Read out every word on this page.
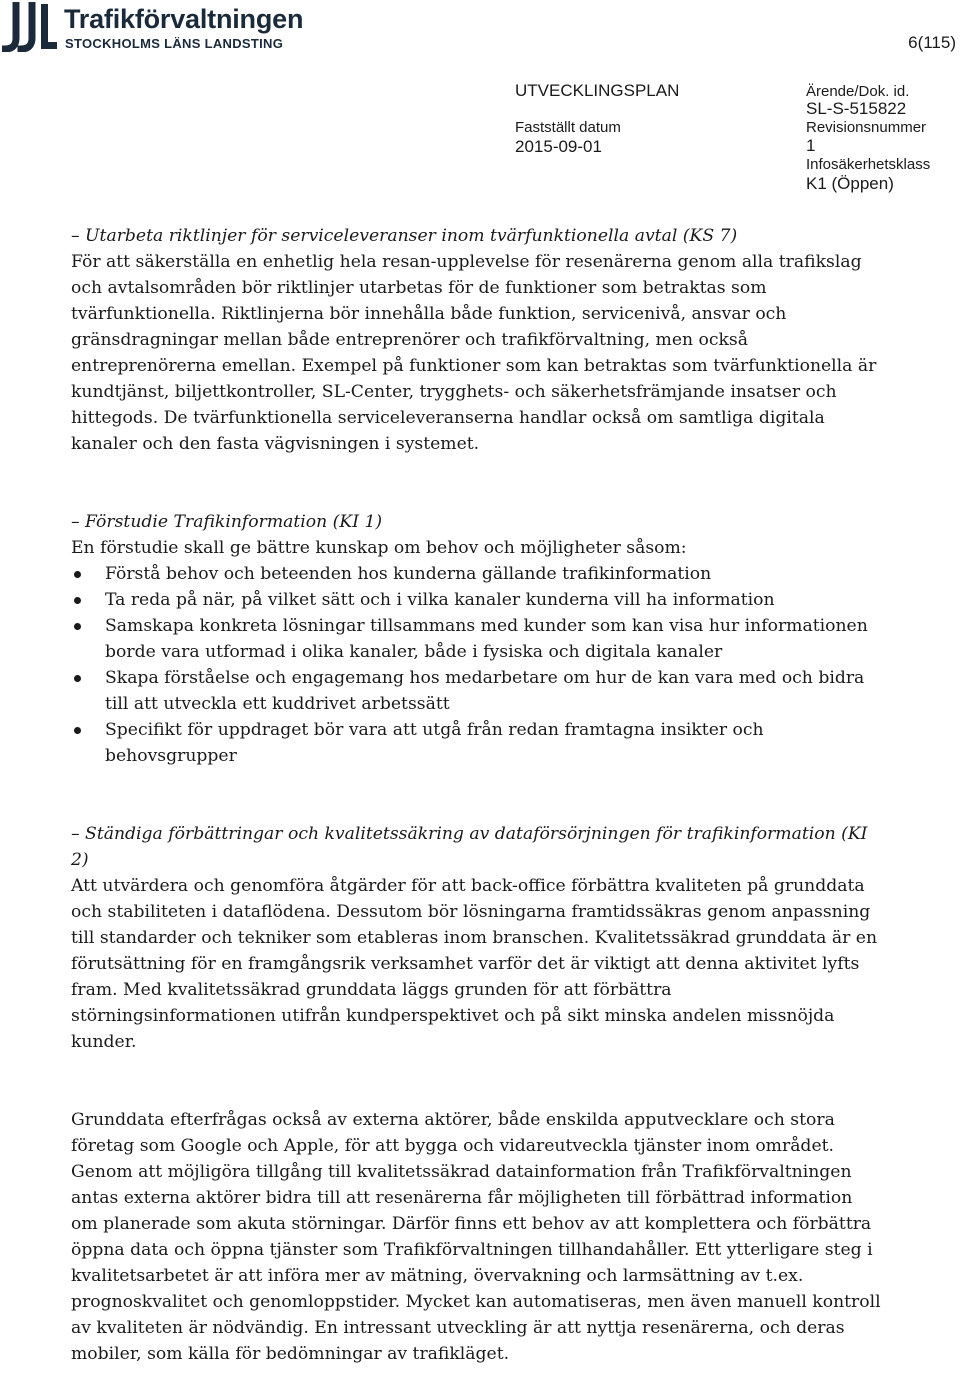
Trafikförvaltningen
STOCKHOLMS LÄNS LANDSTING	6(115)
UTVECKLINGSPLAN
Fastställt datum
2015-09-01
Ärende/Dok. id.
SL-S-515822
Revisionsnummer
1
Infosäkerhetsklass
K1 (Öppen)

– Utarbeta riktlinjer för serviceleveranser inom tvärfunktionella avtal (KS 7)

För att säkerställa en enhetlig hela resan-upplevelse för resenärerna genom alla trafikslag och avtalsområden bör riktlinjer utarbetas för de funktioner som betraktas som tvärfunktionella. Riktlinjerna bör innehålla både funktion, servicenivå, ansvar och gränsdragningar mellan både entreprenörer och trafikförvaltning, men också entreprenörerna emellan. Exempel på funktioner som kan betraktas som tvärfunktionella är kundtjänst, biljettkontroller, SL-Center, trygghets- och säkerhetsfrämjande insatser och hittegods. De tvärfunktionella serviceleveranserna handlar också om samtliga digitala kanaler och den fasta vägvisningen i systemet.

– Förstudie Trafikinformation (KI 1)

En förstudie skall ge bättre kunskap om behov och möjligheter såsom:

Förstå behov och beteenden hos kunderna gällande trafikinformation
Ta reda på när, på vilket sätt och i vilka kanaler kunderna vill ha information
Samskapa konkreta lösningar tillsammans med kunder som kan visa hur informationen borde vara utformad i olika kanaler, både i fysiska och digitala kanaler
Skapa förståelse och engagemang hos medarbetare om hur de kan vara med och bidra till att utveckla ett kuddrivet arbetssätt
Specifikt för uppdraget bör vara att utgå från redan framtagna insikter och behovsgrupper

– Ständiga förbättringar och kvalitetssäkring av dataförsörjningen för trafikinformation (KI 2)

Att utvärdera och genomföra åtgärder för att back-office förbättra kvaliteten på grunddata och stabiliteten i dataflödena. Dessutom bör lösningarna framtidssäkras genom anpassning till standarder och tekniker som etableras inom branschen. Kvalitetssäkrad grunddata är en förutsättning för en framgångsrik verksamhet varför det är viktigt att denna aktivitet lyfts fram. Med kvalitetssäkrad grunddata läggs grunden för att förbättra störningsinformationen utifrån kundperspektivet och på sikt minska andelen missnöjda kunder.

Grunddata efterfrågas också av externa aktörer, både enskilda apputvecklare och stora företag som Google och Apple, för att bygga och vidareutveckla tjänster inom området. Genom att möjligöra tillgång till kvalitetssäkrad datainformation från Trafikförvaltningen antas externa aktörer bidra till att resenärerna får möjligheten till förbättrad information om planerade som akuta störningar. Därför finns ett behov av att komplettera och förbättra öppna data och öppna tjänster som Trafikförvaltningen tillhandahåller. Ett ytterligare steg i kvalitetsarbetet är att införa mer av mätning, övervakning och larmsättning av t.ex. prognoskvalitet och genomloppstider. Mycket kan automatiseras, men även manuell kontroll av kvaliteten är nödvändig. En intressant utveckling är att nyttja resenärerna, och deras mobiler, som källa för bedömningar av trafikläget.
